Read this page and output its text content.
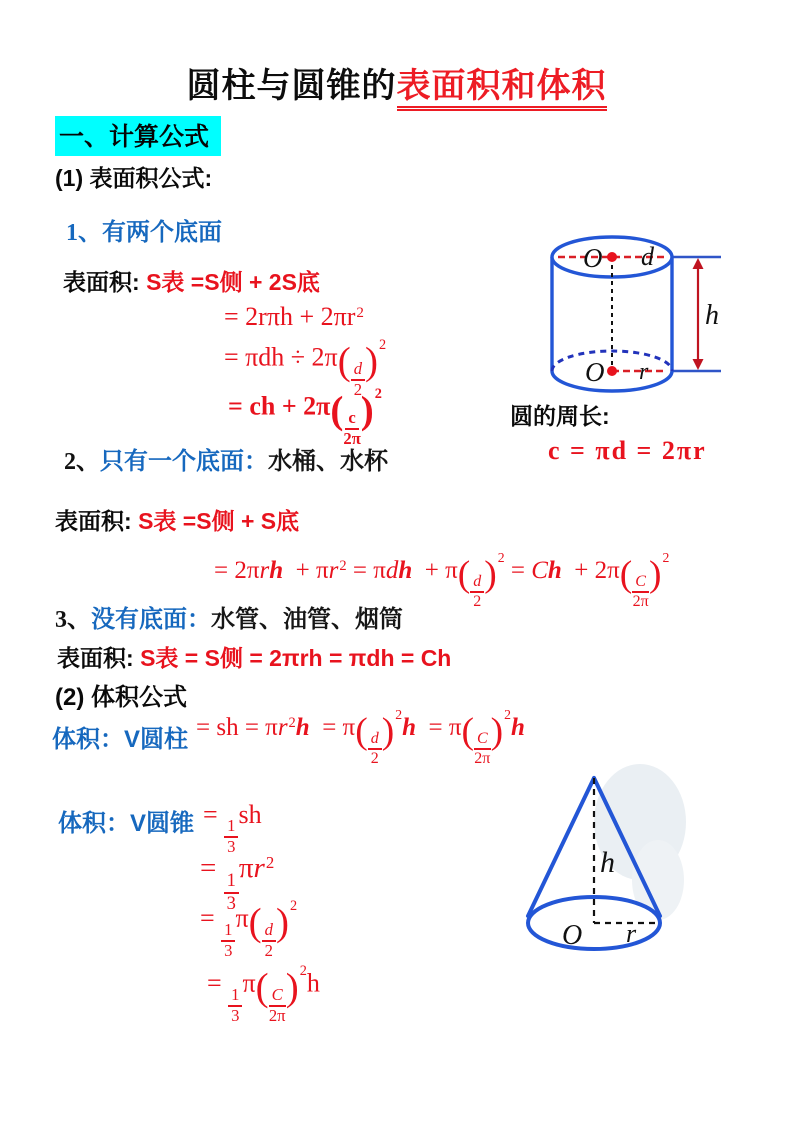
圆柱与圆锥的表面积和体积
一、计算公式
(1) 表面积公式:
1、有两个底面
表面积: S表 =S侧 + 2S底
= $2r\pi h + 2\pi r^2$
= $\pi dh \div 2\pi( \frac{d}{2} )^2$
= ch + $2\pi( \frac{c}{2\pi} )^2$
2、只有一个底面：水桶、水杯
表面积: S表 =S侧 + S底
= $2\pi rh + \pi r^2 = \pi dh + \pi( \frac{d}{2} )^2 = Ch + 2\pi( \frac{C}{2\pi} )^2$
3、没有底面：水管、油管、烟筒
表面积: S表 = S侧 = 2πrh = πdh = Ch
(2) 体积公式
体积：V圆柱 = sh = $\pi r^2h = \pi( \frac{d}{2} )^2h = \pi( \frac{C}{2\pi} )^2h$
体积：V圆锥 =
$\frac{1}{3}$
sh
=
$\frac{1}{3}$
$\pi r^2$
=
$\frac{1}{3}$
$\pi( \frac{d}{2} )^2$
=
$\frac{1}{3}$
$\pi( \frac{C}{2\pi} )^2h$
圆的周长:
c = πd = 2πr
O d
O r
h
h
O r
